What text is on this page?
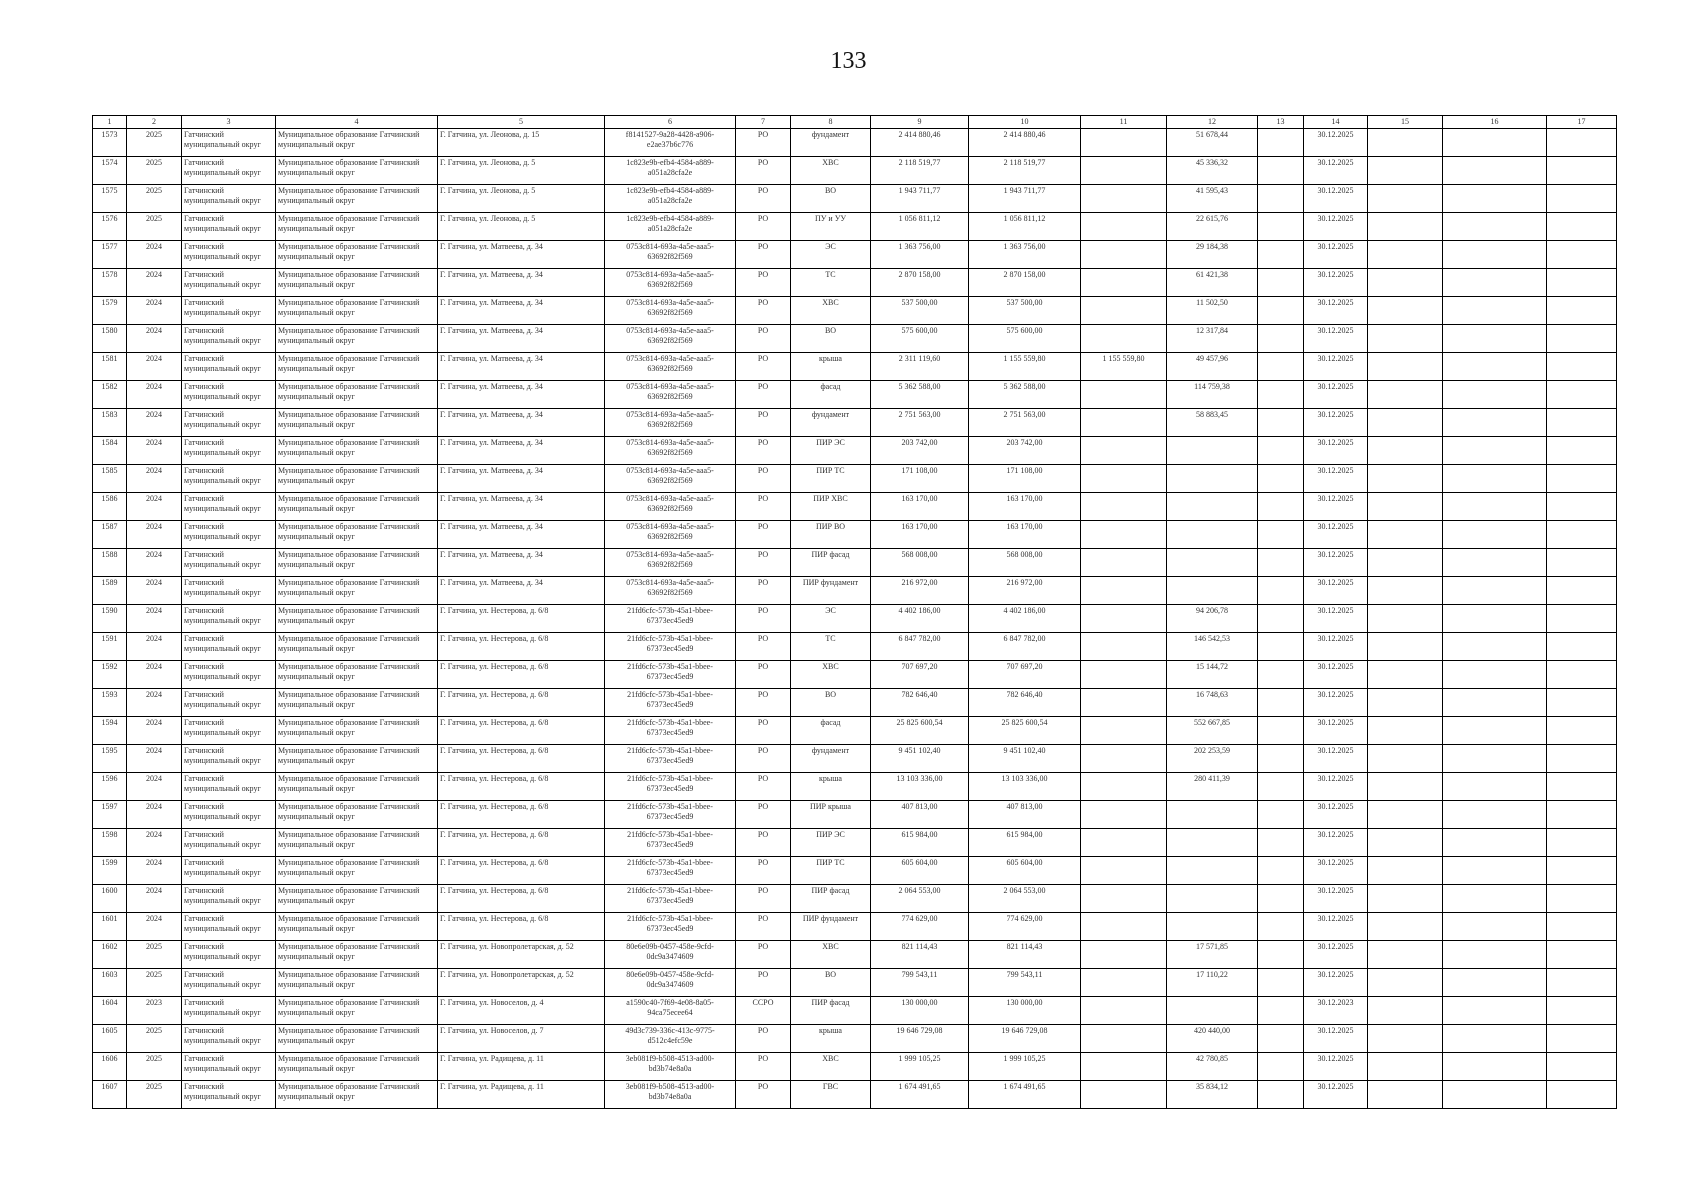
133
1	2	3	4	5	6	7	8	9	10	11	12	13	14	15	16	17
1573	2025	Гатчинский муниципальный округ	Муниципальное образование Гатчинский муниципальный округ	Г. Гатчина, ул. Леонова, д. 15	f8141527-9a28-4428-a906-e2ae37b6c776	РО	фундамент	2 414 880,46	2 414 880,46		51 678,44		30.12.2025			
1574	2025	Гатчинский муниципальный округ	Муниципальное образование Гатчинский муниципальный округ	Г. Гатчина, ул. Леонова, д. 5	1c823e9b-efb4-4584-a889-a051a28cfa2e	РО	ХВС	2 118 519,77	2 118 519,77		45 336,32		30.12.2025			
1575	2025	Гатчинский муниципальный округ	Муниципальное образование Гатчинский муниципальный округ	Г. Гатчина, ул. Леонова, д. 5	1c823e9b-efb4-4584-a889-a051a28cfa2e	РО	ВО	1 943 711,77	1 943 711,77		41 595,43		30.12.2025			
1576	2025	Гатчинский муниципальный округ	Муниципальное образование Гатчинский муниципальный округ	Г. Гатчина, ул. Леонова, д. 5	1c823e9b-efb4-4584-a889-a051a28cfa2e	РО	ПУ и УУ	1 056 811,12	1 056 811,12		22 615,76		30.12.2025			
1577	2024	Гатчинский муниципальный округ	Муниципальное образование Гатчинский муниципальный округ	Г. Гатчина, ул. Матвеева, д. 34	0753c814-693a-4a5e-aaa5-63692f82f569	РО	ЭС	1 363 756,00	1 363 756,00		29 184,38		30.12.2025			
1578	2024	Гатчинский муниципальный округ	Муниципальное образование Гатчинский муниципальный округ	Г. Гатчина, ул. Матвеева, д. 34	0753c814-693a-4a5e-aaa5-63692f82f569	РО	ТС	2 870 158,00	2 870 158,00		61 421,38		30.12.2025			
1579	2024	Гатчинский муниципальный округ	Муниципальное образование Гатчинский муниципальный округ	Г. Гатчина, ул. Матвеева, д. 34	0753c814-693a-4a5e-aaa5-63692f82f569	РО	ХВС	537 500,00	537 500,00		11 502,50		30.12.2025			
1580	2024	Гатчинский муниципальный округ	Муниципальное образование Гатчинский муниципальный округ	Г. Гатчина, ул. Матвеева, д. 34	0753c814-693a-4a5e-aaa5-63692f82f569	РО	ВО	575 600,00	575 600,00		12 317,84		30.12.2025			
1581	2024	Гатчинский муниципальный округ	Муниципальное образование Гатчинский муниципальный округ	Г. Гатчина, ул. Матвеева, д. 34	0753c814-693a-4a5e-aaa5-63692f82f569	РО	крыша	2 311 119,60	1 155 559,80	1 155 559,80	49 457,96		30.12.2025			
1582	2024	Гатчинский муниципальный округ	Муниципальное образование Гатчинский муниципальный округ	Г. Гатчина, ул. Матвеева, д. 34	0753c814-693a-4a5e-aaa5-63692f82f569	РО	фасад	5 362 588,00	5 362 588,00		114 759,38		30.12.2025			
1583	2024	Гатчинский муниципальный округ	Муниципальное образование Гатчинский муниципальный округ	Г. Гатчина, ул. Матвеева, д. 34	0753c814-693a-4a5e-aaa5-63692f82f569	РО	фундамент	2 751 563,00	2 751 563,00		58 883,45		30.12.2025			
1584	2024	Гатчинский муниципальный округ	Муниципальное образование Гатчинский муниципальный округ	Г. Гатчина, ул. Матвеева, д. 34	0753c814-693a-4a5e-aaa5-63692f82f569	РО	ПИР ЭС	203 742,00	203 742,00				30.12.2025			
1585	2024	Гатчинский муниципальный округ	Муниципальное образование Гатчинский муниципальный округ	Г. Гатчина, ул. Матвеева, д. 34	0753c814-693a-4a5e-aaa5-63692f82f569	РО	ПИР ТС	171 108,00	171 108,00				30.12.2025			
1586	2024	Гатчинский муниципальный округ	Муниципальное образование Гатчинский муниципальный округ	Г. Гатчина, ул. Матвеева, д. 34	0753c814-693a-4a5e-aaa5-63692f82f569	РО	ПИР ХВС	163 170,00	163 170,00				30.12.2025			
1587	2024	Гатчинский муниципальный округ	Муниципальное образование Гатчинский муниципальный округ	Г. Гатчина, ул. Матвеева, д. 34	0753c814-693a-4a5e-aaa5-63692f82f569	РО	ПИР ВО	163 170,00	163 170,00				30.12.2025			
1588	2024	Гатчинский муниципальный округ	Муниципальное образование Гатчинский муниципальный округ	Г. Гатчина, ул. Матвеева, д. 34	0753c814-693a-4a5e-aaa5-63692f82f569	РО	ПИР фасад	568 008,00	568 008,00				30.12.2025			
1589	2024	Гатчинский муниципальный округ	Муниципальное образование Гатчинский муниципальный округ	Г. Гатчина, ул. Матвеева, д. 34	0753c814-693a-4a5e-aaa5-63692f82f569	РО	ПИР фундамент	216 972,00	216 972,00				30.12.2025			
1590	2024	Гатчинский муниципальный округ	Муниципальное образование Гатчинский муниципальный округ	Г. Гатчина, ул. Нестерова, д. 6/8	21fd6cfc-573b-45a1-bbee-67373ec45ed9	РО	ЭС	4 402 186,00	4 402 186,00		94 206,78		30.12.2025			
1591	2024	Гатчинский муниципальный округ	Муниципальное образование Гатчинский муниципальный округ	Г. Гатчина, ул. Нестерова, д. 6/8	21fd6cfc-573b-45a1-bbee-67373ec45ed9	РО	ТС	6 847 782,00	6 847 782,00		146 542,53		30.12.2025			
1592	2024	Гатчинский муниципальный округ	Муниципальное образование Гатчинский муниципальный округ	Г. Гатчина, ул. Нестерова, д. 6/8	21fd6cfc-573b-45a1-bbee-67373ec45ed9	РО	ХВС	707 697,20	707 697,20		15 144,72		30.12.2025			
1593	2024	Гатчинский муниципальный округ	Муниципальное образование Гатчинский муниципальный округ	Г. Гатчина, ул. Нестерова, д. 6/8	21fd6cfc-573b-45a1-bbee-67373ec45ed9	РО	ВО	782 646,40	782 646,40		16 748,63		30.12.2025			
1594	2024	Гатчинский муниципальный округ	Муниципальное образование Гатчинский муниципальный округ	Г. Гатчина, ул. Нестерова, д. 6/8	21fd6cfc-573b-45a1-bbee-67373ec45ed9	РО	фасад	25 825 600,54	25 825 600,54		552 667,85		30.12.2025			
1595	2024	Гатчинский муниципальный округ	Муниципальное образование Гатчинский муниципальный округ	Г. Гатчина, ул. Нестерова, д. 6/8	21fd6cfc-573b-45a1-bbee-67373ec45ed9	РО	фундамент	9 451 102,40	9 451 102,40		202 253,59		30.12.2025			
1596	2024	Гатчинский муниципальный округ	Муниципальное образование Гатчинский муниципальный округ	Г. Гатчина, ул. Нестерова, д. 6/8	21fd6cfc-573b-45a1-bbee-67373ec45ed9	РО	крыша	13 103 336,00	13 103 336,00		280 411,39		30.12.2025			
1597	2024	Гатчинский муниципальный округ	Муниципальное образование Гатчинский муниципальный округ	Г. Гатчина, ул. Нестерова, д. 6/8	21fd6cfc-573b-45a1-bbee-67373ec45ed9	РО	ПИР крыша	407 813,00	407 813,00				30.12.2025			
1598	2024	Гатчинский муниципальный округ	Муниципальное образование Гатчинский муниципальный округ	Г. Гатчина, ул. Нестерова, д. 6/8	21fd6cfc-573b-45a1-bbee-67373ec45ed9	РО	ПИР ЭС	615 984,00	615 984,00				30.12.2025			
1599	2024	Гатчинский муниципальный округ	Муниципальное образование Гатчинский муниципальный округ	Г. Гатчина, ул. Нестерова, д. 6/8	21fd6cfc-573b-45a1-bbee-67373ec45ed9	РО	ПИР ТС	605 604,00	605 604,00				30.12.2025			
1600	2024	Гатчинский муниципальный округ	Муниципальное образование Гатчинский муниципальный округ	Г. Гатчина, ул. Нестерова, д. 6/8	21fd6cfc-573b-45a1-bbee-67373ec45ed9	РО	ПИР фасад	2 064 553,00	2 064 553,00				30.12.2025			
1601	2024	Гатчинский муниципальный округ	Муниципальное образование Гатчинский муниципальный округ	Г. Гатчина, ул. Нестерова, д. 6/8	21fd6cfc-573b-45a1-bbee-67373ec45ed9	РО	ПИР фундамент	774 629,00	774 629,00				30.12.2025			
1602	2025	Гатчинский муниципальный округ	Муниципальное образование Гатчинский муниципальный округ	Г. Гатчина, ул. Новопролетарская, д. 52	80e6e09b-0457-458e-9cfd-0dc9a3474609	РО	ХВС	821 114,43	821 114,43		17 571,85		30.12.2025			
1603	2025	Гатчинский муниципальный округ	Муниципальное образование Гатчинский муниципальный округ	Г. Гатчина, ул. Новопролетарская, д. 52	80e6e09b-0457-458e-9cfd-0dc9a3474609	РО	ВО	799 543,11	799 543,11		17 110,22		30.12.2025			
1604	2023	Гатчинский муниципальный округ	Муниципальное образование Гатчинский муниципальный округ	Г. Гатчина, ул. Новоселов, д. 4	a1590c40-7f69-4e08-8a05-94ca75ecee64	ССРО	ПИР фасад	130 000,00	130 000,00				30.12.2023			
1605	2025	Гатчинский муниципальный округ	Муниципальное образование Гатчинский муниципальный округ	Г. Гатчина, ул. Новоселов, д. 7	49d3c739-336c-413c-9775-d512c4efc59e	РО	крыша	19 646 729,08	19 646 729,08		420 440,00		30.12.2025			
1606	2025	Гатчинский муниципальный округ	Муниципальное образование Гатчинский муниципальный округ	Г. Гатчина, ул. Радищева, д. 11	3eb081f9-b508-4513-ad00-bd3b74e8a0a	РО	ХВС	1 999 105,25	1 999 105,25		42 780,85		30.12.2025			
1607	2025	Гатчинский муниципальный округ	Муниципальное образование Гатчинский муниципальный округ	Г. Гатчина, ул. Радищева, д. 11	3eb081f9-b508-4513-ad00-bd3b74e8a0a	РО	ГВС	1 674 491,65	1 674 491,65		35 834,12		30.12.2025			
